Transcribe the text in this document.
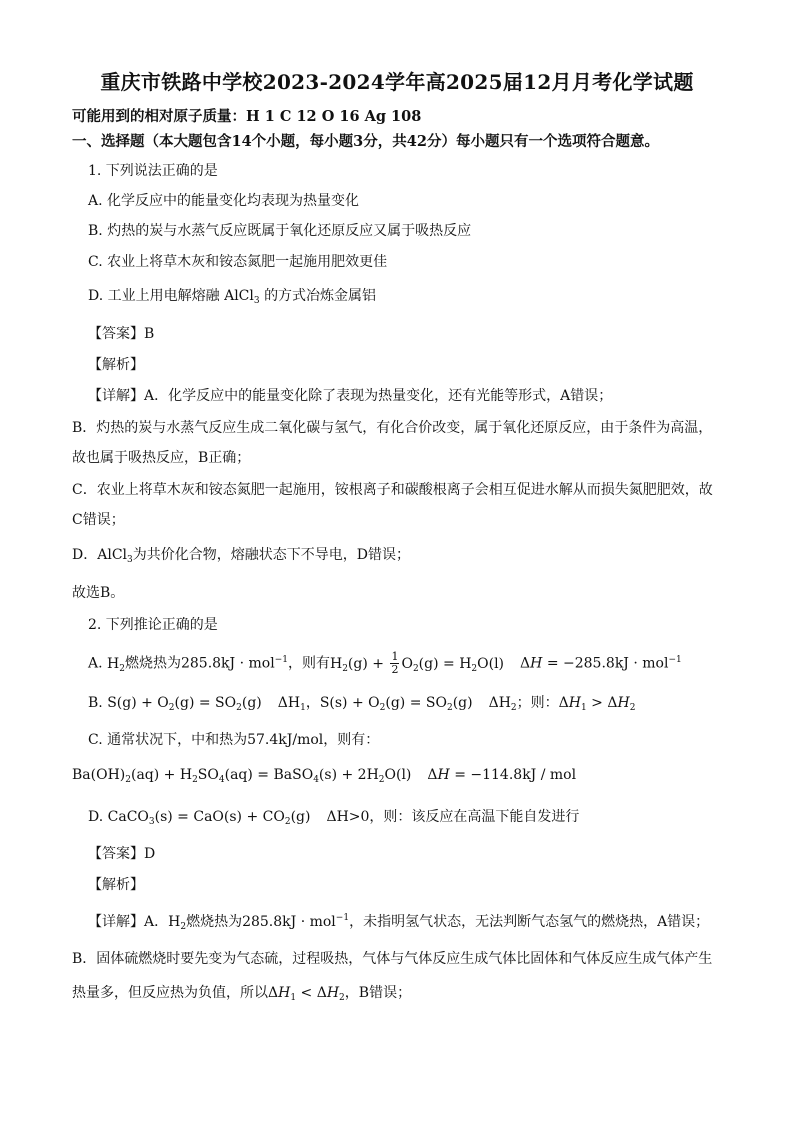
重庆市铁路中学校2023-2024学年高2025届12月月考化学试题
可能用到的相对原子质量：H 1 C 12 O 16 Ag 108
一、选择题（本大题包含14个小题，每小题3分，共42分）每小题只有一个选项符合题意。
1. 下列说法正确的是
A. 化学反应中的能量变化均表现为热量变化
B. 灼热的炭与水蒸气反应既属于氧化还原反应又属于吸热反应
C. 农业上将草木灰和铵态氮肥一起施用肥效更佳
D. 工业上用电解熔融 AlCl$_3$ 的方式冶炼金属铝
【答案】B
【解析】
【详解】A．化学反应中的能量变化除了表现为热量变化，还有光能等形式，A错误；
B．灼热的炭与水蒸气反应生成二氧化碳与氢气，有化合价改变，属于氧化还原反应，由于条件为高温，
故也属于吸热反应，B正确；
C．农业上将草木灰和铵态氮肥一起施用，铵根离子和碳酸根离子会相互促进水解从而损失氮肥肥效，故
C错误；
D．AlCl$_3$为共价化合物，熔融状态下不导电，D错误；
故选B。
2. 下列推论正确的是
A. $H_2$燃烧热为285.8kJ · mol$^{-1}$，则有$H_2(g) + \frac{1}{2} O_2(g) = H_2O(l) \Delta H = -285.8kJ \cdot mol^{-1}$
B. $S(g) + O_2(g) = SO_2(g)$ $\Delta H_1$，$S(s) + O_2(g) = SO_2(g)$ $\Delta H_2$；则：$\Delta H_1 > \Delta H_2$
C. 通常状况下，中和热为57.4kJ/mol，则有：
$Ba(OH)_2(aq) + H_2SO_4(aq)$ = BaSO$_4$(s) + $2H_2O(l) \Delta H = -114.8kJ$ / mol
D. CaCO$_3$(s) = $CaO(s) + CO_2(g)$ ΔH>0，则：该反应在高温下能自发进行
【答案】D
【解析】
【详解】A．$H_2$燃烧热为285.8kJ · mol$^{-1}$，未指明氢气状态，无法判断气态氢气的燃烧热，A错误；
B．固体硫燃烧时要先变为气态硫，过程吸热，气体与气体反应生成气体比固体和气体反应生成气体产生
热量多，但反应热为负值，所以$\Delta H_1 < \Delta H_2$，B错误；
